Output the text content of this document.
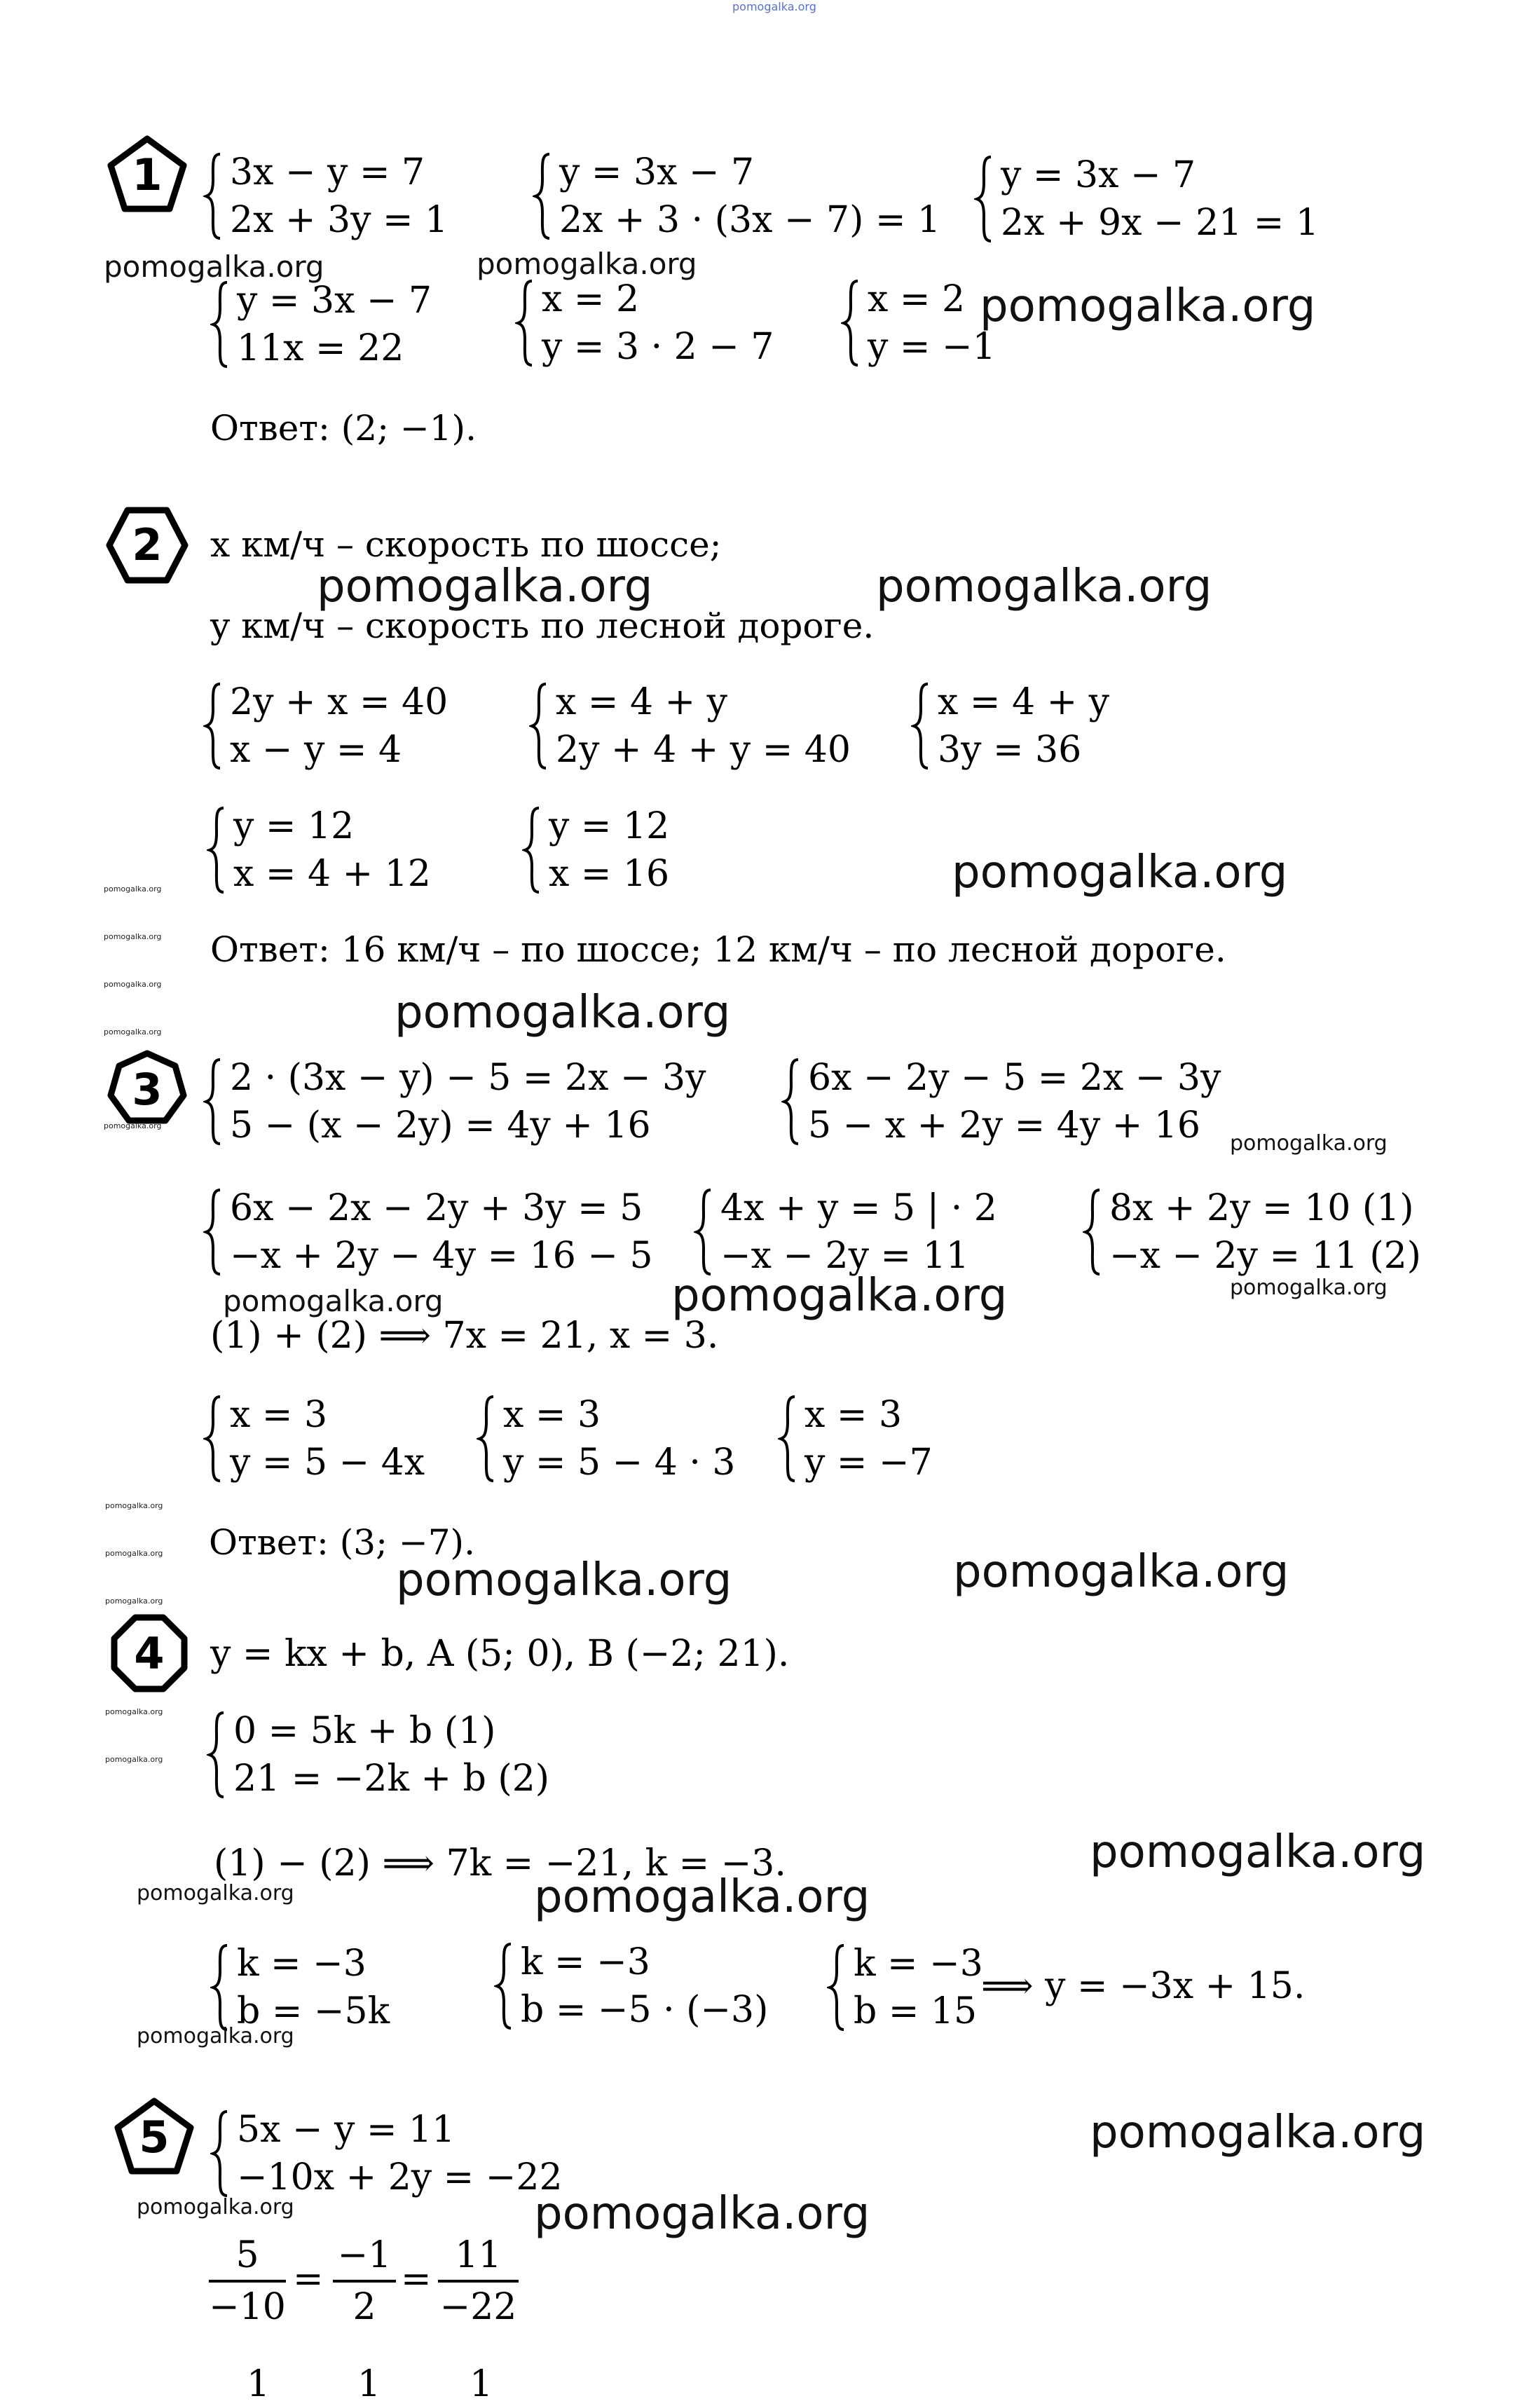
pomogalka.org
1	3x − y = 7
2x + 3y = 1
y = 3x − 7
2x + 3 · (3x − 7) = 1
y = 3x − 7
2x + 9x − 21 = 1
pomogalka.org	pomogalka.org
y = 3x − 7
11x = 22
x = 2
y = 3 · 2 − 7
x = 2
y = −1
pomogalka.org
Ответ: (2; −1).
2	x км/ч – скорость по шоссе;
pomogalka.org	pomogalka.org
y км/ч – скорость по лесной дороге.
2y + x = 40
x − y = 4
x = 4 + y
2y + 4 + y = 40
x = 4 + y
3y = 36
y = 12
x = 4 + 12
y = 12
x = 16	pomogalka.org
pomogalka.org
pomogalka.org Ответ: 16 км/ч – по шоссе; 12 км/ч – по лесной дороге.
pomogalka.org
pomogalka.org
pomogalka.org
3
pomogalka.org
2 · (3x − y) − 5 = 2x − 3y
5 − (x − 2y) = 4y + 16
6x − 2y − 5 = 2x − 3y
5 − x + 2y = 4y + 16	pomogalka.org
6x − 2x − 2y + 3y = 5
−x + 2y − 4y = 16 − 5
4x + y = 5 | · 2
−x − 2y = 11
8x + 2y = 10 (1)
−x − 2y = 11 (2)
pomogalka.org	pomogalka.org	pomogalka.org
(1) + (2) ⟹ 7x = 21, x = 3.
x = 3
y = 5 − 4x
x = 3
y = 5 − 4 · 3
x = 3
y = −7
pomogalka.org
Ответ: (3; −7).
pomogalka.org
pomogalka.org	pomogalka.org
pomogalka.org
4	y = kx + b, A (5; 0), B (−2; 21).
pomogalka.org 0 = 5k + b (1)
21 = −2k + b (2)
pomogalka.org
(1) − (2) ⟹ 7k = −21, k = −3.	pomogalka.org
pomogalka.org	pomogalka.org
k = −3
b = −5k
k = −3
b = −5 · (−3)
k = −3
b = 15
⟹ y = −3x + 15.
pomogalka.org
5	5x − y = 11
−10x + 2y = −22
pomogalka.org
pomogalka.org	pomogalka.org
5
−10
=
−1
2
=
11
−22
1 1 1
